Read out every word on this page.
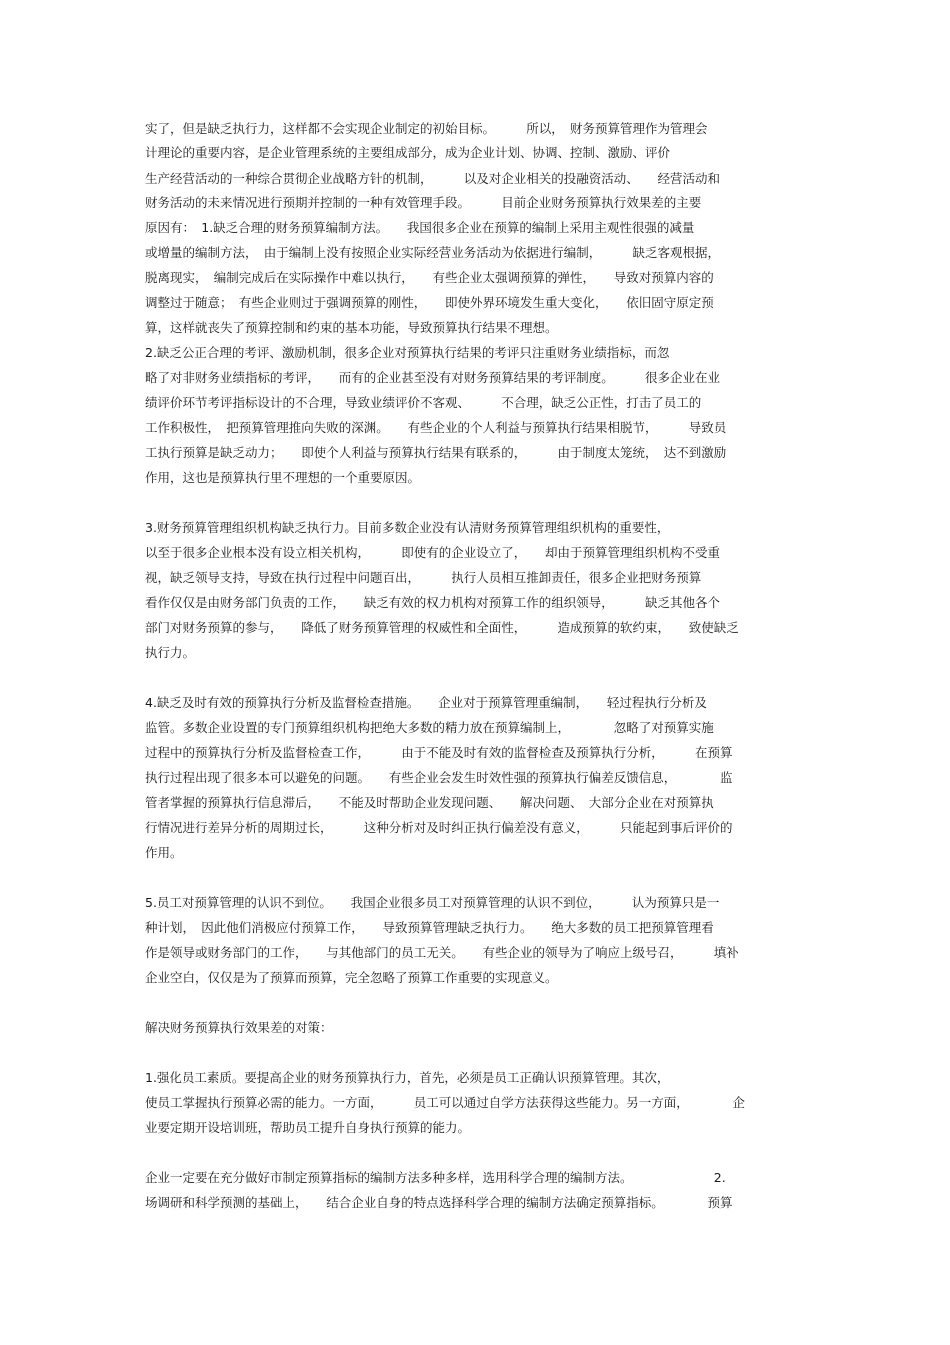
实了，但是缺乏执行力，这样都不会实现企业制定的初始目标。　　　所以，　财务预算管理作为管理会
计理论的重要内容，是企业管理系统的主要组成部分，成为企业计划、协调、控制、激励、评价
生产经营活动的一种综合贯彻企业战略方针的机制，　　　以及对企业相关的投融资活动、　　经营活动和
财务活动的未来情况进行预期并控制的一种有效管理手段。　　　目前企业财务预算执行效果差的主要
原因有：　1.缺乏合理的财务预算编制方法。　　我国很多企业在预算的编制上采用主观性很强的减量
或增量的编制方法，　由于编制上没有按照企业实际经营业务活动为依据进行编制，　　　缺乏客观根据，
脱离现实，　编制完成后在实际操作中难以执行，　　有些企业太强调预算的弹性，　　导致对预算内容的
调整过于随意；　有些企业则过于强调预算的刚性，　　即使外界环境发生重大变化，　　依旧固守原定预
算，这样就丧失了预算控制和约束的基本功能，导致预算执行结果不理想。
2.缺乏公正合理的考评、激励机制，很多企业对预算执行结果的考评只注重财务业绩指标，而忽
略了对非财务业绩指标的考评，　　而有的企业甚至没有对财务预算结果的考评制度。　　　很多企业在业
绩评价环节考评指标设计的不合理，导致业绩评价不客观、　　　不合理，缺乏公正性，打击了员工的
工作积极性，　把预算管理推向失败的深渊。　　有些企业的个人利益与预算执行结果相脱节，　　　导致员
工执行预算是缺乏动力；　　即使个人利益与预算执行结果有联系的，　　　由于制度太笼统，　达不到激励
作用，这也是预算执行里不理想的一个重要原因。
3.财务预算管理组织机构缺乏执行力。目前多数企业没有认清财务预算管理组织机构的重要性，
以至于很多企业根本没有设立相关机构，　　　即使有的企业设立了，　　却由于预算管理组织机构不受重
视，缺乏领导支持，导致在执行过程中问题百出，　　　执行人员相互推卸责任，很多企业把财务预算
看作仅仅是由财务部门负责的工作，　　缺乏有效的权力机构对预算工作的组织领导，　　　缺乏其他各个
部门对财务预算的参与，　　降低了财务预算管理的权威性和全面性，　　　造成预算的软约束，　　致使缺乏
执行力。
4.缺乏及时有效的预算执行分析及监督检查措施。　　企业对于预算管理重编制，　　轻过程执行分析及
监管。多数企业设置的专门预算组织机构把绝大多数的精力放在预算编制上，　　　　忽略了对预算实施
过程中的预算执行分析及监督检查工作，　　　由于不能及时有效的监督检查及预算执行分析，　　　在预算
执行过程出现了很多本可以避免的问题。　　有些企业会发生时效性强的预算执行偏差反馈信息，　　　　监
管者掌握的预算执行信息滞后，　　不能及时帮助企业发现问题、　　解决问题、　大部分企业在对预算执
行情况进行差异分析的周期过长，　　　这种分析对及时纠正执行偏差没有意义，　　　只能起到事后评价的
作用。
5.员工对预算管理的认识不到位。　　我国企业很多员工对预算管理的认识不到位，　　　认为预算只是一
种计划，　因此他们消极应付预算工作，　　导致预算管理缺乏执行力。　　绝大多数的员工把预算管理看
作是领导或财务部门的工作，　　与其他部门的员工无关。　　有些企业的领导为了响应上级号召，　　　填补
企业空白，仅仅是为了预算而预算，完全忽略了预算工作重要的实现意义。
解决财务预算执行效果差的对策：
1.强化员工素质。要提高企业的财务预算执行力，首先，必须是员工正确认识预算管理。其次，
使员工掌握执行预算必需的能力。一方面，　　　员工可以通过自学方法获得这些能力。另一方面，　　　　企
业要定期开设培训班，帮助员工提升自身执行预算的能力。
企业一定要在充分做好市制定预算指标的编制方法多种多样，选用科学合理的编制方法。　　　　　　　2.
场调研和科学预测的基础上，　　结合企业自身的特点选择科学合理的编制方法确定预算指标。　　　　预算
